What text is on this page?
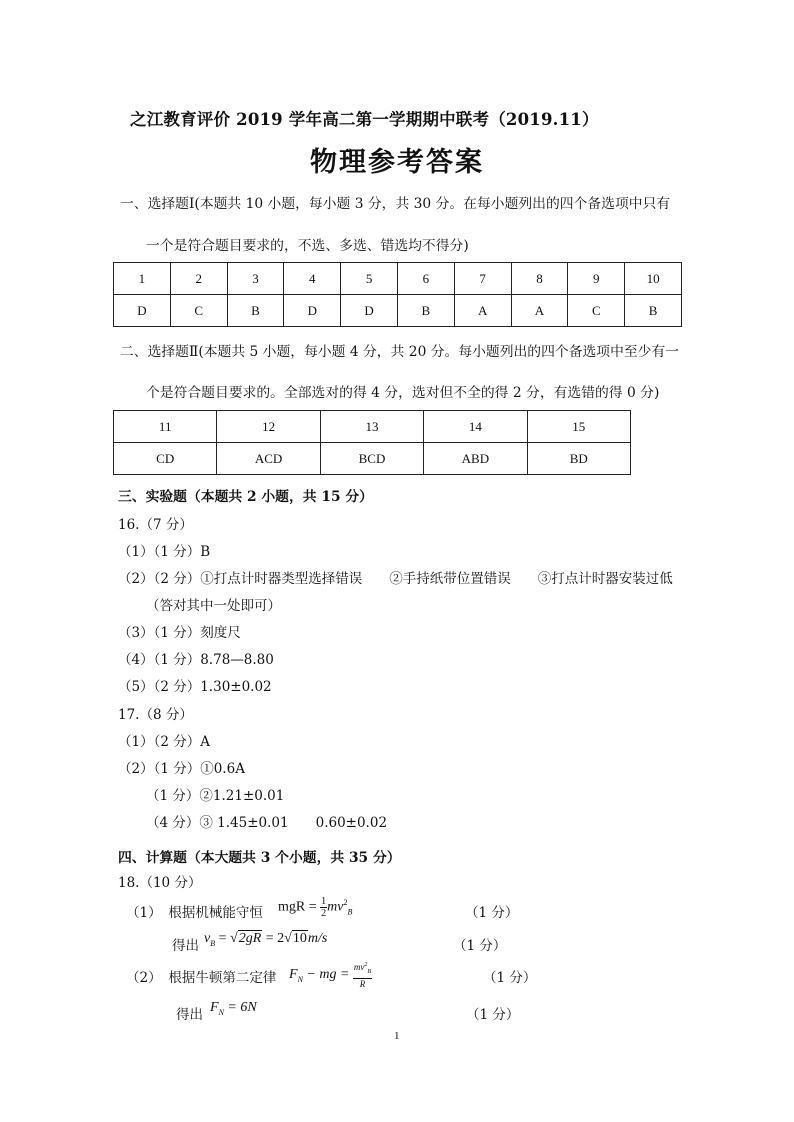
之江教育评价 2019 学年高二第一学期期中联考（2019.11）
物理参考答案
一、选择题Ⅰ(本题共 10 小题，每小题 3 分，共 30 分。在每小题列出的四个备选项中只有
一个是符合题目要求的，不选、多选、错选均不得分)
1	2	3	4	5	6	7	8	9	10
D	C	B	D	D	B	A	A	C	B
二、选择题Ⅱ(本题共 5 小题，每小题 4 分，共 20 分。每小题列出的四个备选项中至少有一
个是符合题目要求的。全部选对的得 4 分，选对但不全的得 2 分，有选错的得 0 分)
11	12	13	14	15
CD	ACD	BCD	ABD	BD
三、实验题（本题共 2 小题，共 15 分）
16.（7 分）
（1）（1 分）B
（2）（2 分）①打点计时器类型选择错误　　②手持纸带位置错误　　③打点计时器安装过低
（答对其中一处即可）
（3）（1 分）刻度尺
（4）（1 分）8.78—8.80
（5）（2 分）1.30±0.02
17.（8 分）
（1）（2 分）A
（2）（1 分）①0.6A
（1 分）②1.21±0.01
（4 分）③ 1.45±0.01　　0.60±0.02
四、计算题（本大题共 3 个小题，共 35 分）
18.（10 分）
（1）　根据机械能守恒 mgR = $\frac{1}{2} mv^2_B$	（1 分）
得出 $v_B = √2gR = 2√10m/s$	（1 分）
（2）　根据牛顿第二定律 $F_N$ − mg = $\frac{mv^2_B}{R}$	（1 分）
得出 $F_N = 6N$	（1 分）
1
